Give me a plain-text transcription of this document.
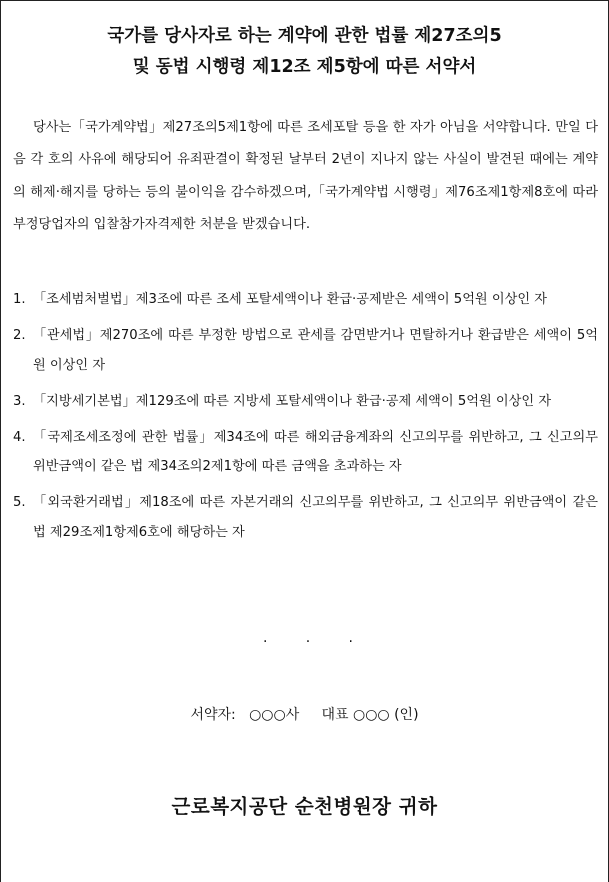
국가를 당사자로 하는 계약에 관한 법률 제27조의5
및 동법 시행령 제12조 제5항에 따른 서약서
당사는「국가계약법」제27조의5제1항에 따른 조세포탈 등을 한 자가 아님을 서약합니다. 만일 다음 각 호의 사유에 해당되어 유죄판결이 확정된 날부터 2년이 지나지 않는 사실이 발견된 때에는 계약의 해제·해지를 당하는 등의 불이익을 감수하겠으며,「국가계약법 시행령」제76조제1항제8호에 따라 부정당업자의 입찰참가자격제한 처분을 받겠습니다.
1. 「조세범처벌법」제3조에 따른 조세 포탈세액이나 환급·공제받은 세액이 5억원 이상인 자
2. 「관세법」제270조에 따른 부정한 방법으로 관세를 감면받거나 면탈하거나 환급받은 세액이 5억원 이상인 자
3. 「지방세기본법」제129조에 따른 지방세 포탈세액이나 환급·공제 세액이 5억원 이상인 자
4. 「국제조세조정에 관한 법률」제34조에 따른 해외금융계좌의 신고의무를 위반하고, 그 신고의무 위반금액이 같은 법 제34조의2제1항에 따른 금액을 초과하는 자
5. 「외국환거래법」제18조에 따른 자본거래의 신고의무를 위반하고, 그 신고의무 위반금액이 같은 법 제29조제1항제6호에 해당하는 자
.	.	.
서약자:   ○○○사     대표 ○○○ (인)
근로복지공단 순천병원장 귀하
